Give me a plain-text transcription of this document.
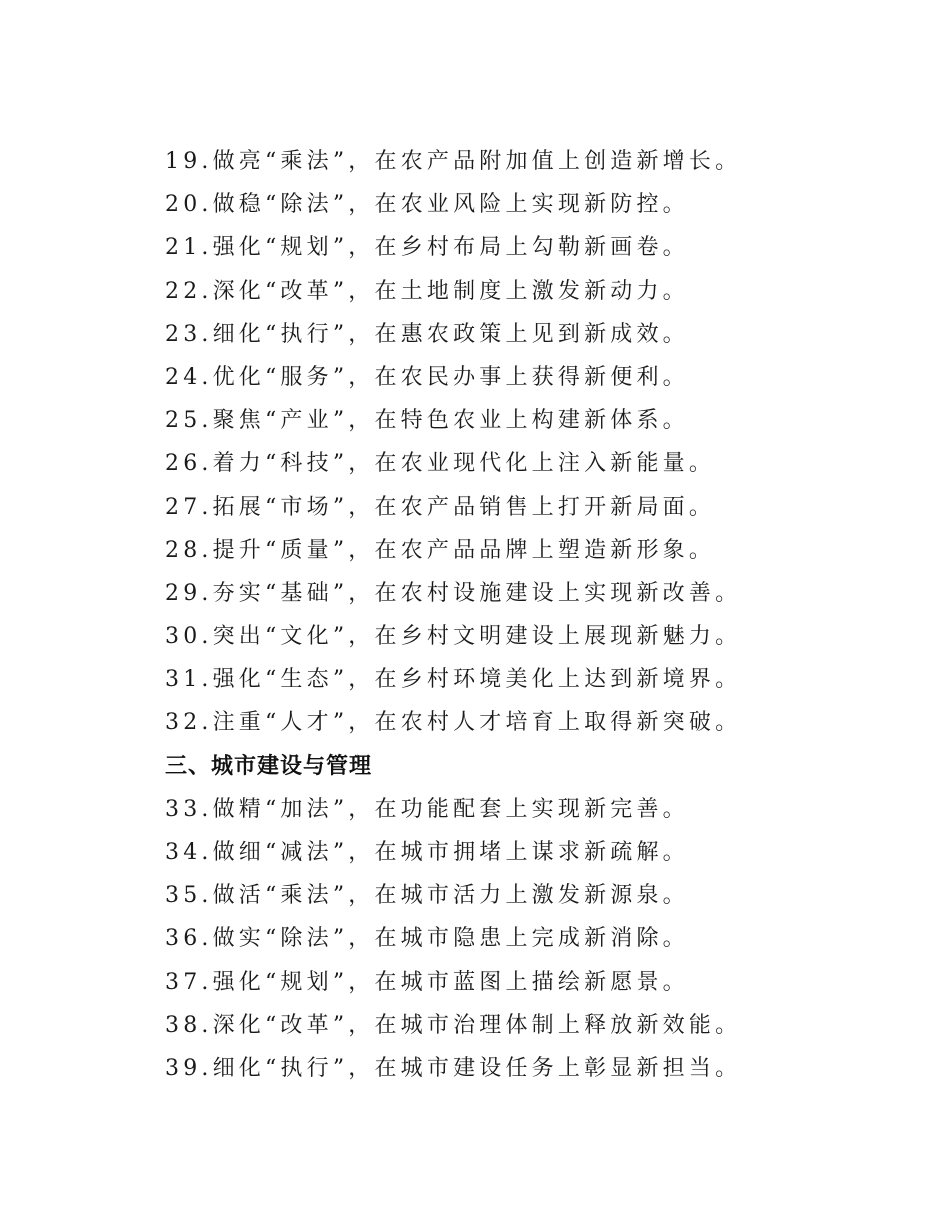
19.做亮“乘法”，在农产品附加值上创造新增长。
20.做稳“除法”，在农业风险上实现新防控。
21.强化“规划”，在乡村布局上勾勒新画卷。
22.深化“改革”，在土地制度上激发新动力。
23.细化“执行”，在惠农政策上见到新成效。
24.优化“服务”，在农民办事上获得新便利。
25.聚焦“产业”，在特色农业上构建新体系。
26.着力“科技”，在农业现代化上注入新能量。
27.拓展“市场”，在农产品销售上打开新局面。
28.提升“质量”，在农产品品牌上塑造新形象。
29.夯实“基础”，在农村设施建设上实现新改善。
30.突出“文化”，在乡村文明建设上展现新魅力。
31.强化“生态”，在乡村环境美化上达到新境界。
32.注重“人才”，在农村人才培育上取得新突破。
三、城市建设与管理
33.做精“加法”，在功能配套上实现新完善。
34.做细“减法”，在城市拥堵上谋求新疏解。
35.做活“乘法”，在城市活力上激发新源泉。
36.做实“除法”，在城市隐患上完成新消除。
37.强化“规划”，在城市蓝图上描绘新愿景。
38.深化“改革”，在城市治理体制上释放新效能。
39.细化“执行”，在城市建设任务上彰显新担当。
